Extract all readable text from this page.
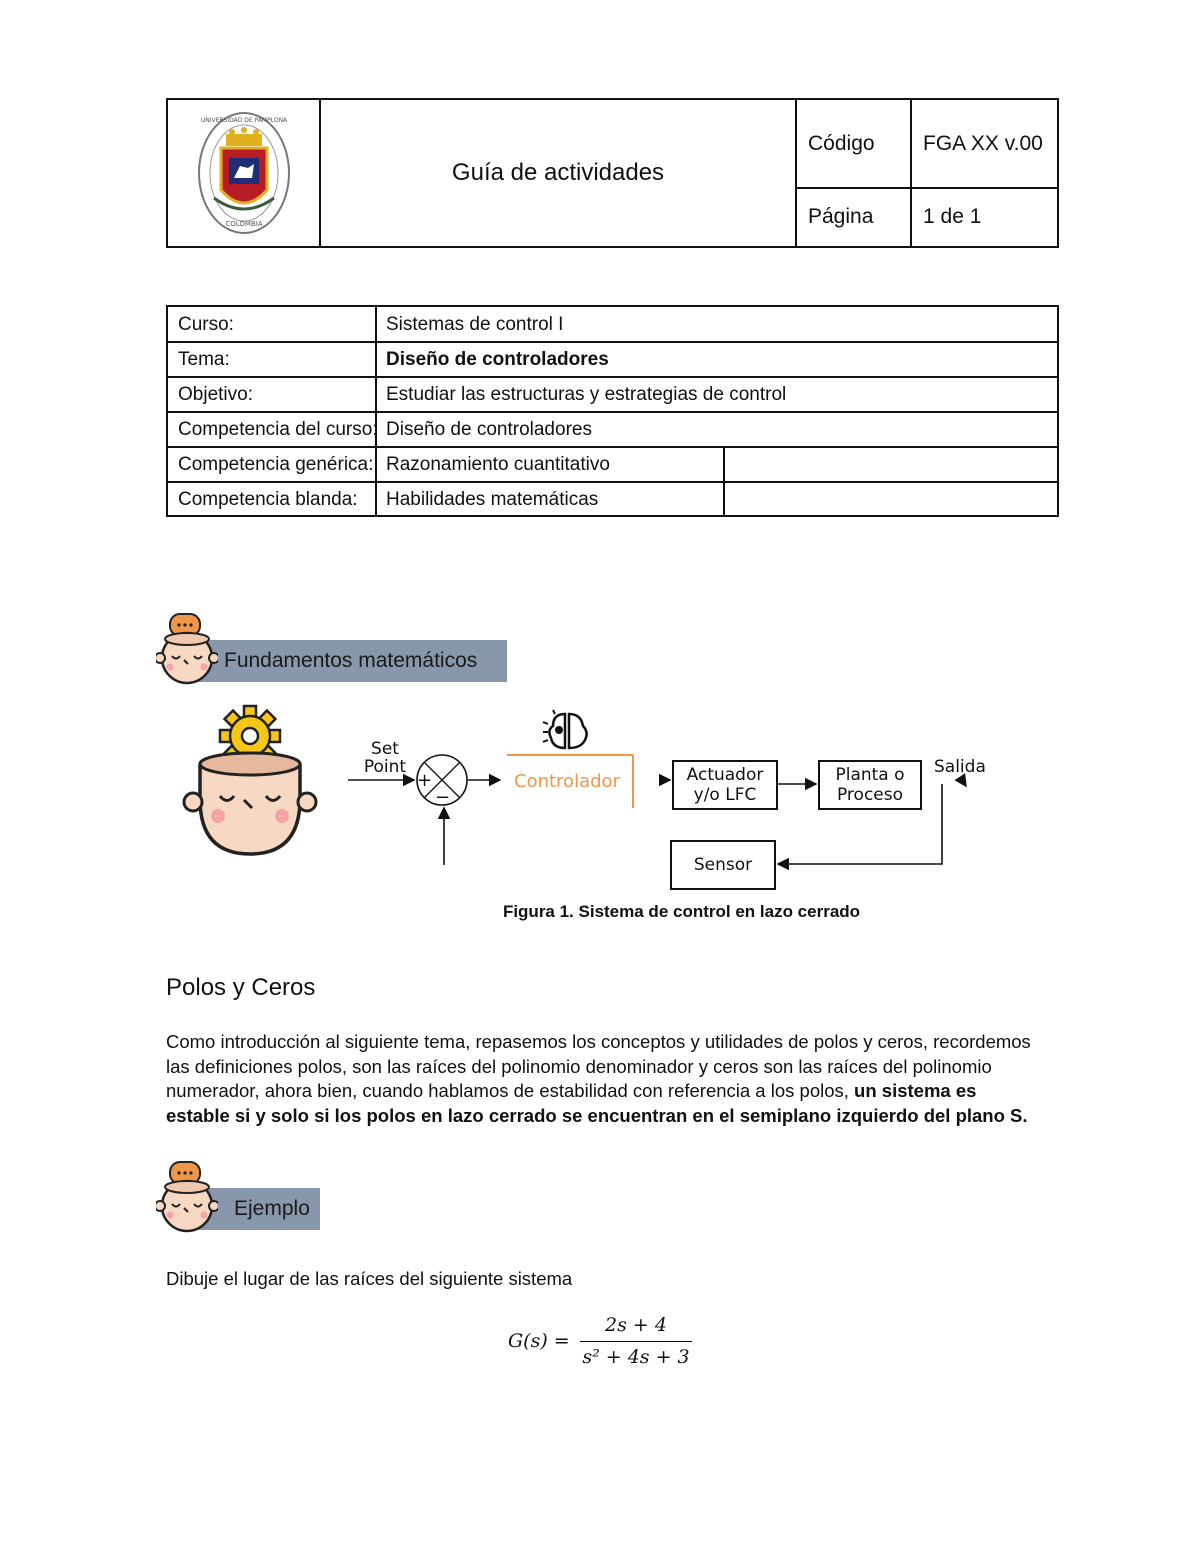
COLOMBIA
UNIVERSIDAD DE PAMPLONA
Guía de actividades
Código FGA XX v.00
Página 1 de 1
Curso:	Sistemas de control I
Tema:	Diseño de controladores
Objetivo:	Estudiar las estructuras y estrategias de control
Competencia del curso: Diseño de controladores
Competencia genérica: Razonamiento cuantitativo
Competencia blanda: Habilidades matemáticas
Fundamentos matemáticos
Set
Point
+
−
Controlador	Actuador
y/o LFC
Planta o
Proceso
Salida
Sensor
Figura 1. Sistema de control en lazo cerrado
Polos y Ceros
Como introducción al siguiente tema, repasemos los conceptos y utilidades de polos y ceros, recordemos las definiciones polos, son las raíces del polinomio denominador y ceros son las raíces del polinomio numerador, ahora bien, cuando hablamos de estabilidad con referencia a los polos, un sistema es estable si y solo si los polos en lazo cerrado se encuentran en el semiplano izquierdo del plano S.
Ejemplo
Dibuje el lugar de las raíces del siguiente sistema
G(s) =
2s + 4
s² + 4s + 3
